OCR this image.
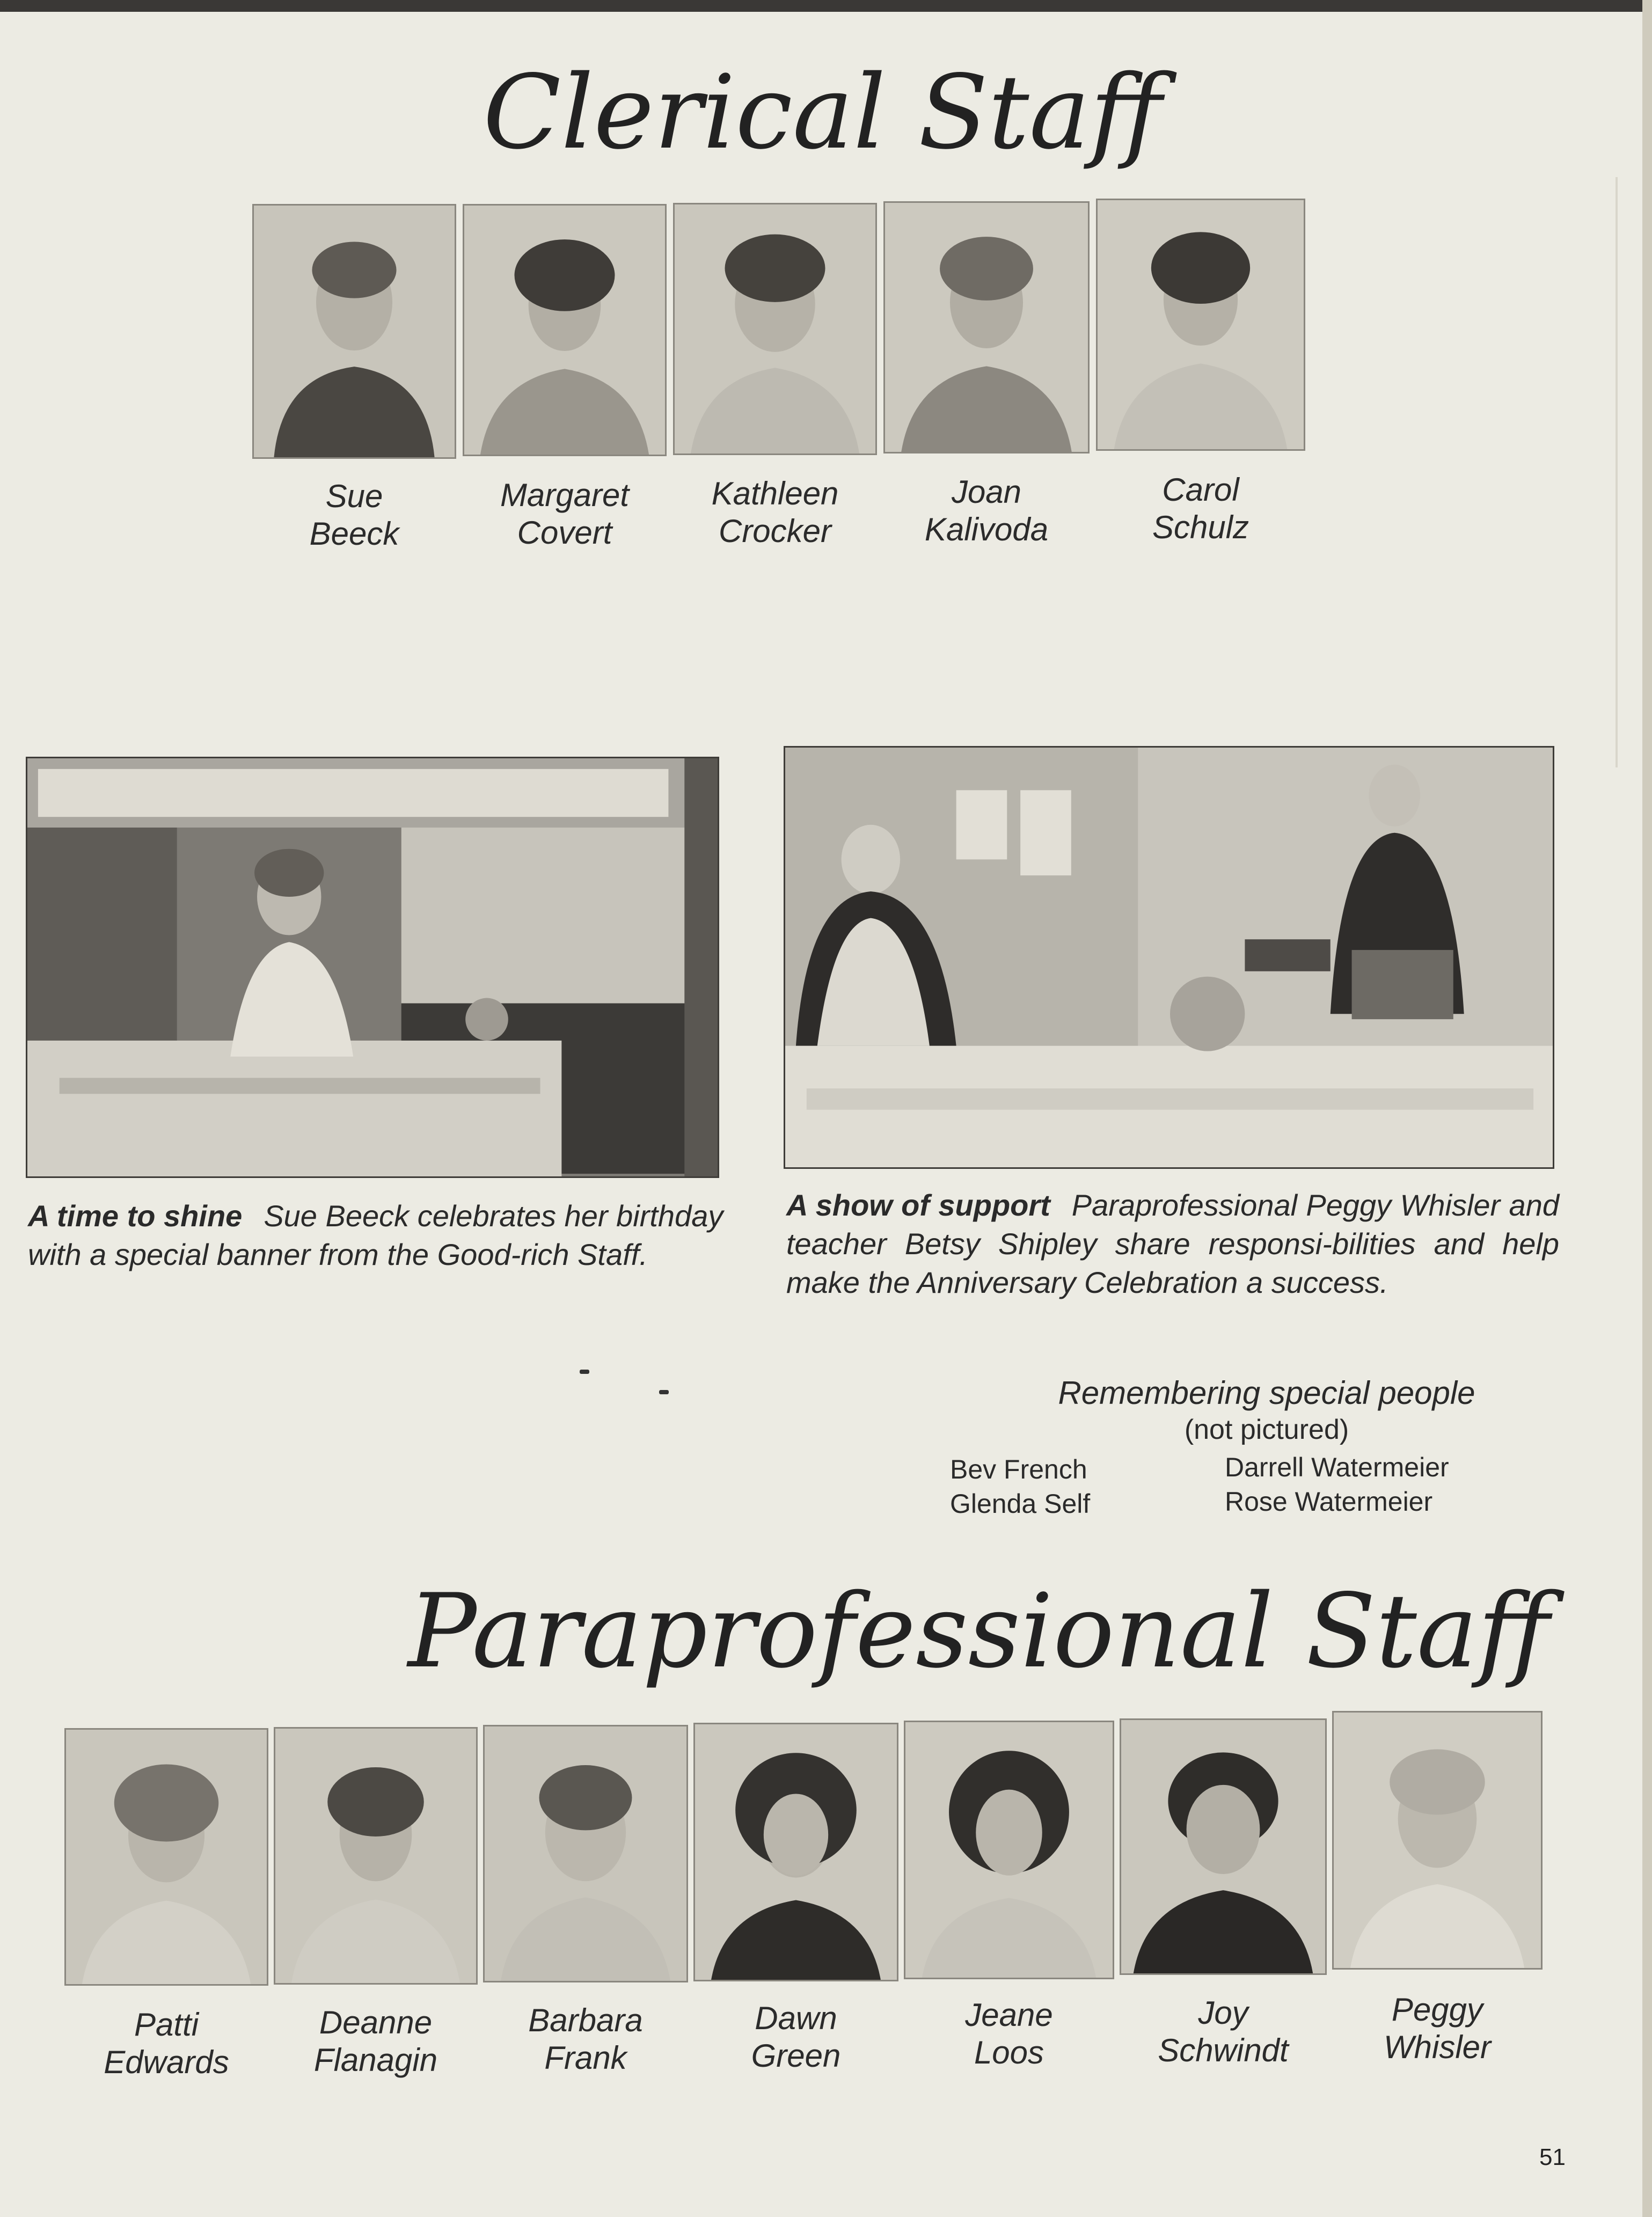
Clerical Staff
Sue
Beeck
Margaret
Covert
Kathleen
Crocker
Joan
Kalivoda
Carol
Schulz

A time to shine Sue Beeck celebrates her birthday with a special banner from the Good-rich Staff.

A show of support Paraprofessional Peggy Whisler and teacher Betsy Shipley share responsi-bilities and help make the Anniversary Celebration a success.

Remembering special people

(not pictured)
Bev French	Darrell Watermeier
Glenda Self	Rose Watermeier
Paraprofessional Staff
Patti
Edwards
Deanne
Flanagin
Barbara
Frank
Dawn
Green
Jeane
Loos
Joy
Schwindt
Peggy
Whisler
51
